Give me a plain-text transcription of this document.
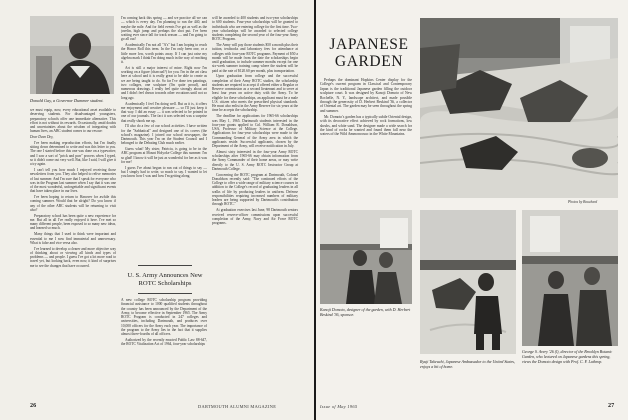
Donald Gay, a Governor Dummer student.

we must equip, now, every educational asset available to deserving students. For disadvantaged youngsters, preparatory schools offer one immediate alternative. This effort is not without its rewards. Occasionally, amid doubts and uncertainties about the wisdom of integrating with human lives, an ABC student comes to our rescue:

Dear Dean Dey,

I've been making reproduction efforts, but I'm finally sitting down determined to write and was this letter to you. The one I started before this one was done on a typewriter; and I saw a sort of "prick and purr" process when I typed, so it didn't come out very well. But, like I said, I will give it a try again.

I can't tell you how much I enjoyed receiving those newsletters from you. They also helped to relive memories of last summer. And I'm sure that I speak for everyone who was in the Program last summer when I say that it was one of the most wonderful, unforgettable and significant events that have taken place in our lives.

I've been hoping to return to Hanover for awhile this coming summer. Would that be alright? Do you know if any of the other ABC students will be returning to visit also?

Preparatory school has been quite a new experience for me. But all in all I've really enjoyed it here. I've met so many different people, been exposed to so many new ideas, and learned so much.

Many things that I used to think were important and essential to me I now find immaterial and unnecessary. What is false and vice versa also.

I've learned to develop a clearer and more objective way of thinking about or viewing all kinds and types of problems — and people. I guess I've got a lot more road to travel yet, but looking back, even now, it kind of surprises me to see the changes that have occurred.

I'm coming back this spring — and we practice all we can — which is every day. I'm planning to run the 440, and maybe the mile. And for field events I've got as well as the javelin, high jump and perhaps the shot put. I've been waiting ever since fall for track season — and I'm going to go all out!

Academically I'm not all "A's" but I am hoping to reach the Honor Roll this term. In the I'm only been one, or a little more low, worth points away. If I can just raise my algebra mark I think I'm doing much in the way of reaching it.

Art is still a major interest of mine. Right now I'm working on a figure (charcoal?) for you. I'm in the art class here at school and it is really great to be able to create as we are being taught to do. So far I've done ten paintings, two collages, one sculpture (I'm quite proud), and numerous drawings. I really feel quite strongly about art and I didn't feel drawn towards other vocations until not so long ago.

Academically I feel I'm doing well. But as it is, it offers me enjoyment and creative pleasure — so I'll just keep it that way. I did an essay — it was selected to be printed in one of our journals. The fact it was selected was a surprise that really shook me up.

I'll also do a few of our school activities. I have written for the "Sabbatical" and designed one of its covers (the school's magazine). I joined our school newspaper, the Dartmouth. This year I'm on the Student Council and I belonged to the Debating Club much earlier.

Guess what! My sister, Patricia, is going to be in the ABC program at Mount Holyoke College this summer. I'm so glad! I know it will be just as wonderful for her as it was for me!

I guess I've about begun to run out of things to say — but I simply had to write, so much to say. I wanted to let you know how I was and how I'm getting along.

U. S. Army Announces New ROTC Scholarships

A new college ROTC scholarship program providing financial assistance to 1000 qualified students throughout the country has been announced by the Department of the Army, to become effective in September 1965. The Army ROTC Program is conducted in 247 colleges and universities, including Dartmouth, and produces over 10,000 officers for the Army each year. The importance of the program to the Army lies in the fact that it supplies almost three-fourths of all officers.

Authorized by the recently enacted Public Law 88-647, the ROTC Vitalization Act of 1964, four-year scholarships

will be awarded to 400 students and two-year scholarships to 600 students. Four-year scholarships will be granted to individuals who are entering college for the first time. Two-year scholarships will be awarded to selected college students completing the second year of the four-year Army ROTC Program.

The Army will pay those students $50 a month plus their tuition, textbooks and laboratory fees for attendance at colleges with four-year ROTC programs. Payment of $50 a month will be made from the date the scholarships begin until graduation, to include summer months except for one six-week summer training camp where the student will be paid at the rate of $120.60 per month, plus transportation.

Upon graduation from college and the successful completion of their Army ROTC studies, the scholarship students are required to accept if offered either a Regular or Reserve commission as a second lieutenant and to serve at least four years on active duty with the Army. To be eligible for these scholarships, an applicant must be a male U.S. citizen who meets the prescribed physical standards. He must also enlist in the Army Reserve for six years at the time he accepts the scholarship.

The deadline for applications for 1965-66 scholarships was May 1, 1965. Dartmouth students interested in the four-year grants applied to Col. William R. Donaldson, USA, Professor of Military Science at the College. Applications for four-year scholarships were made to the Commanding General of the Army area in which the applicants reside. Successful applicants, chosen by the Department of the Army, will receive notification in July.

Almost sixty interested in the four-year Army ROTC scholarships after 1965-66 may obtain information from the Army Commander of their home areas, or may write directly to the U. S. Army ROTC Instructor Group at Dartmouth College.

Concerning the ROTC program at Dartmouth, Colonel Donaldson recently said: "The continued efforts of the College to offer a wide range of military science courses in addition to the College's record of graduating leaders in all walks of life by producing leaders in uniform. Defense responsibilities requiring increased numbers of military leaders are being supported by Dartmouth's contribution through ROTC."

At graduation exercises last June, 98 Dartmouth seniors received reserve-officer commissions upon successful completion of the Army, Navy and Air Force ROTC programs.

26	DARTMOUTH ALUMNI MAGAZINE
JAPANESE
GARDEN

Perhaps the dominant Hopkins Center display for the College's current program in Classical and Contemporary Japan is the traditional Japanese garden filling the outdoor sculpture court. It was designed by Kanoji Domoto of New Rochelle, N. Y., landscape architect, and made possible through the generosity of D. Herbert Beskind '36, a collector of Oriental art. The garden may be seen throughout the spring and summer.

Mr. Domoto's garden has a typically subtle Oriental design, with its decorative effect achieved by rock formations, low shrubs, and white sand. The designer made a wide search for the kind of rocks he wanted and found them fall near the waters of the Wild Ammonoosuc in the White Mountains.

Photos by Bouchard
Kanoji Domoto, designer of the garden, with D. Herbert Beskind '36, sponsor.
Ryuji Takeuchi, Japanese Ambassador to the United States, enjoys a bit of home.
George S. Avery '26 (l), director of the Brooklyn Botanic Garden, who lectured on Japanese gardens this spring, views the Domoto design with Prof. C. F. Lathrop.
Issue of May 1965	27
